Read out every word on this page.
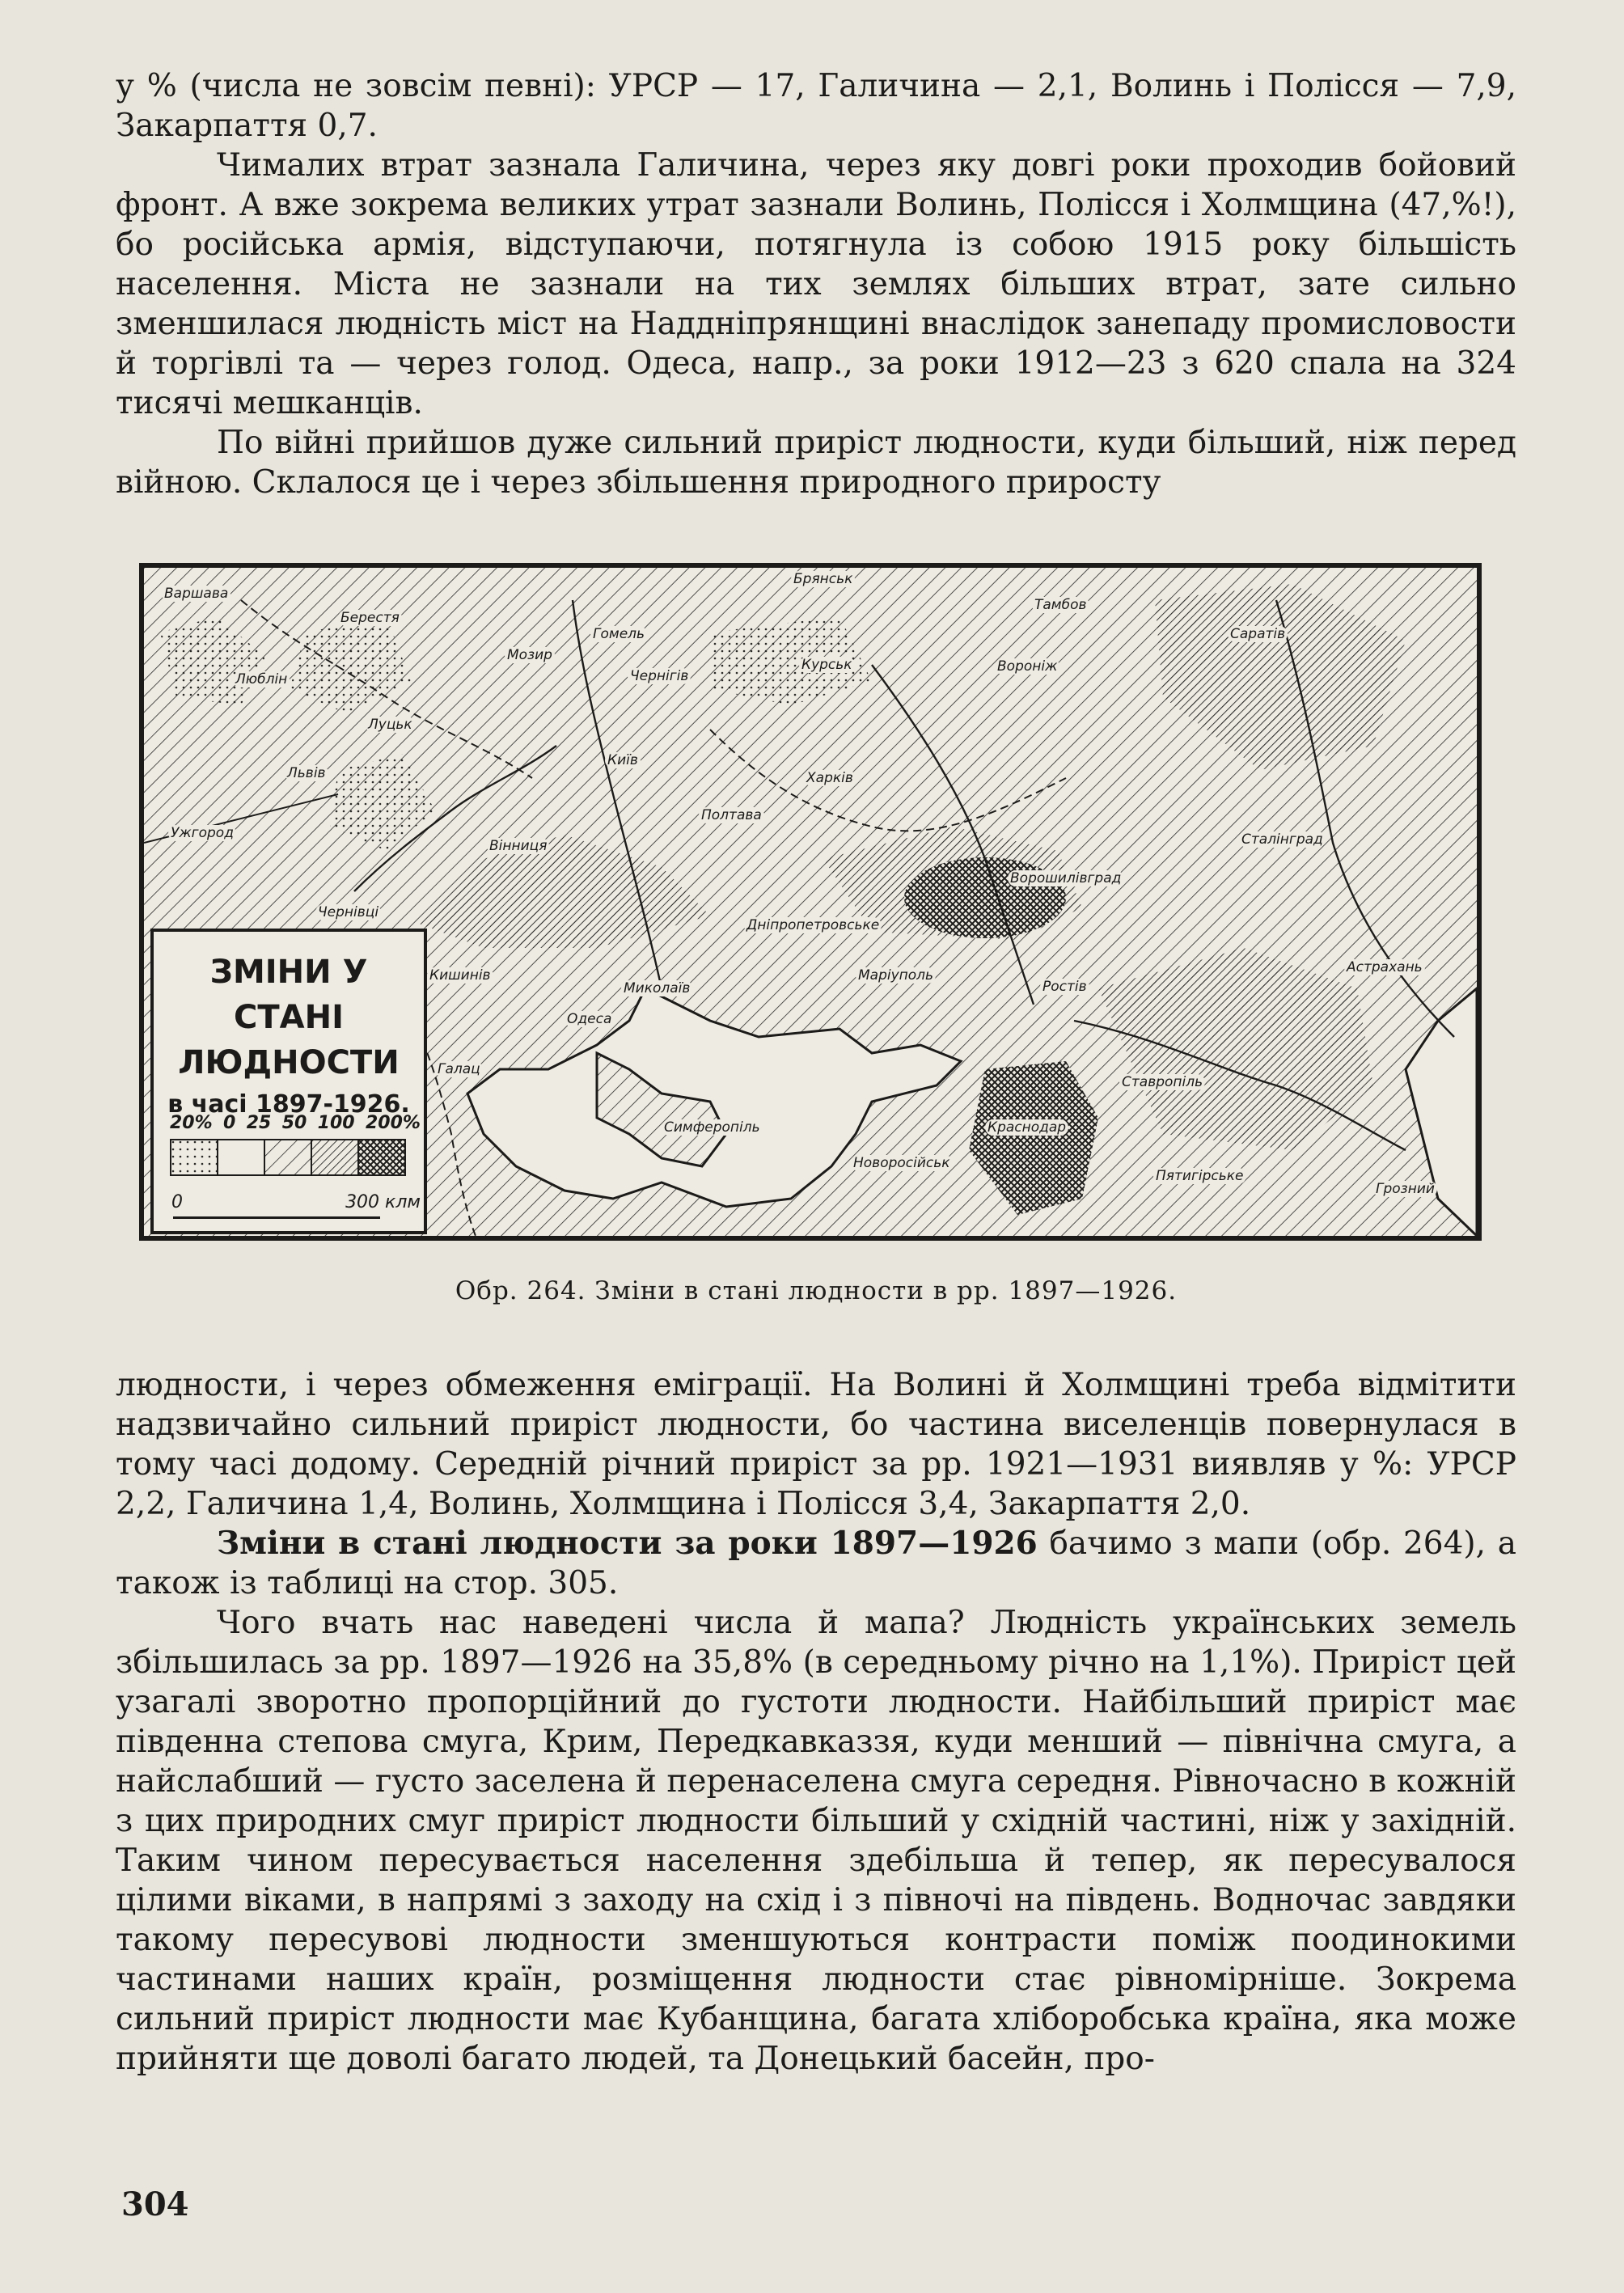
у % (числа не зовсім певні): УРСР — 17, Галичина — 2,1, Волинь і Полісся — 7,9, Закарпаття 0,7.

Чималих втрат зазнала Галичина, через яку довгі роки проходив бойовий фронт. А вже зокрема великих утрат зазнали Волинь, Полісся і Холмщина (47,%!), бо російська армія, відступаючи, потягнула із собою 1915 року більшість населення. Міста не зазнали на тих землях більших втрат, зате сильно зменшилася людність міст на Наддніпрянщині внаслідок занепаду промисловости й торгівлі та — через голод. Одеса, напр., за роки 1912—23 з 620 спала на 324 тисячі мешканців.

По війні прийшов дуже сильний приріст людности, куди більший, ніж перед війною. Склалося це і через збільшення природного приросту

Варшава
Берестя
Брянськ
Тамбов
Саратів
Гомель
Мозир
Чернігів
Курськ	Вороніж
Люблін
Луцьк
Київ
Харків
Львів
Ужгород
Полтава
Сталінград
Вінниця
Ворошилівград
Чернівці
Дніпропетровське
Кишинів	Маріуполь
Миколаїв	Ростів
Астрахань
Одеса
Галац
Ставропіль
Симферопіль	Краснодар
Новоросійськ
Пятигірське
Грозний
ЗМІНИ У СТАНІ
ЛЮДНОСТИ
в часі 1897-1926.
20% 0 25 50 100 200%
0	300 клм
Обр. 264. Зміни в стані людности в рр. 1897—1926.

людности, і через обмеження еміграції. На Волині й Холмщині треба відмітити надзвичайно сильний приріст людности, бо частина виселенців повернулася в тому часі додому. Середній річний приріст за рр. 1921—1931 виявляв у %: УРСР 2,2, Галичина 1,4, Волинь, Холмщина і Полісся 3,4, Закарпаття 2,0.

Зміни в стані людности за роки 1897—1926 бачимо з мапи (обр. 264), а також із таблиці на стор. 305.

Чого вчать нас наведені числа й мапа? Людність українських земель збільшилась за рр. 1897—1926 на 35,8% (в середньому річно на 1,1%). Приріст цей узагалі зворотно пропорційний до густоти людности. Найбільший приріст має південна степова смуга, Крим, Передкавказзя, куди менший — північна смуга, а найслабший — густо заселена й перенаселена смуга середня. Рівночасно в кожній з цих природних смуг приріст людности більший у східній частині, ніж у західній. Таким чином пересувається населення здебільша й тепер, як пересувалося цілими віками, в напрямі з заходу на схід і з півночі на південь. Водночас завдяки такому пересувові людности зменшуються контрасти поміж поодинокими частинами наших країн, розміщення людности стає рівномірніше. Зокрема сильний приріст людности має Кубанщина, багата хліборобська країна, яка може прийняти ще доволі багато людей, та Донецький басейн, про-

304
